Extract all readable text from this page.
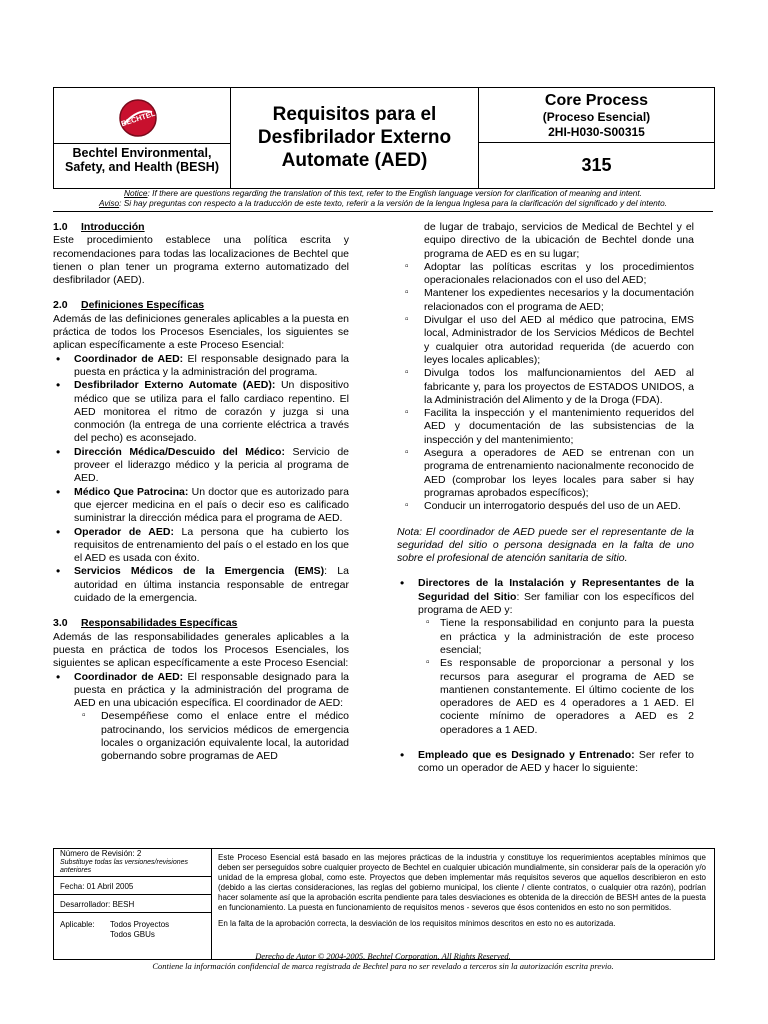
BECHTEL
Bechtel Environmental, Safety, and Health (BESH)
Requisitos para el Desfibrilador Externo Automate (AED)
Core Process
(Proceso Esencial)
2HI-H030-S00315
315
Notice: If there are questions regarding the translation of this text, refer to the English language version for clarification of meaning and intent.
Aviso: Si hay preguntas con respecto a la traducción de este texto, referir a la versión de la lengua Inglesa para la clarificación del significado y del intento.

1.0 Introducción

Este procedimiento establece una política escrita y recomendaciones para todas las localizaciones de Bechtel que tienen o plan tener un programa externo automatizado del desfibrilador (AED).

2.0 Definiciones Específicas

Además de las definiciones generales aplicables a la puesta en práctica de todos los Procesos Esenciales, los siguientes se aplican específicamente a este Proceso Esencial:

• Coordinador de AED: El responsable designado para la puesta en práctica y la administración del programa.
• Desfibrilador Externo Automate (AED): Un dispositivo médico que se utiliza para el fallo cardiaco repentino. El AED monitorea el ritmo de corazón y juzga si una conmoción (la entrega de una corriente eléctrica a través del pecho) es aconsejado.
• Dirección Médica/Descuido del Médico: Servicio de proveer el liderazgo médico y la pericia al programa de AED.
• Médico Que Patrocina: Un doctor que es autorizado para que ejercer medicina en el país o decir eso es calificado suministrar la dirección médica para el programa de AED.
• Operador de AED: La persona que ha cubierto los requisitos de entrenamiento del país o el estado en los que el AED es usada con éxito.
• Servicios Médicos de la Emergencia (EMS): La autoridad en última instancia responsable de entregar cuidado de la emergencia.

3.0 Responsabilidades Específicas

Además de las responsabilidades generales aplicables a la puesta en práctica de todos los Procesos Esenciales, los siguientes se aplican específicamente a este Proceso Esencial:

• Coordinador de AED: El responsable designado para la puesta en práctica y la administración del programa de AED en una ubicación específica. El coordinador de AED:
▫ Desempéñese como el enlace entre el médico patrocinando, los servicios médicos de emergencia locales o organización equivalente local, la autoridad gobernando sobre programas de AED

de lugar de trabajo, servicios de Medical de Bechtel y el equipo directivo de la ubicación de Bechtel donde una programa de AED es en su lugar;

▫ Adoptar las políticas escritas y los procedimientos operacionales relacionados con el uso del AED;
▫ Mantener los expedientes necesarios y la documentación relacionados con el programa de AED;
▫ Divulgar el uso del AED al médico que patrocina, EMS local, Administrador de los Servicios Médicos de Bechtel y cualquier otra autoridad requerida (de acuerdo con leyes locales aplicables);
▫ Divulga todos los malfuncionamientos del AED al fabricante y, para los proyectos de ESTADOS UNIDOS, a la Administración del Alimento y de la Droga (FDA).
▫ Facilita la inspección y el mantenimiento requeridos del AED y documentación de las subsistencias de la inspección y del mantenimiento;
▫ Asegura a operadores de AED se entrenan con un programa de entrenamiento nacionalmente reconocido de AED (comprobar los leyes locales para saber si hay programas aprobados específicos);
▫ Conducir un interrogatorio después del uso de un AED.

Nota: El coordinador de AED puede ser el representante de la seguridad del sitio o persona designada en la falta de uno sobre el profesional de atención sanitaria de sitio.

• Directores de la Instalación y Representantes de la Seguridad del Sitio: Ser familiar con los específicos del programa de AED y:
▫ Tiene la responsabilidad en conjunto para la puesta en práctica y la administración de este proceso esencial;
▫ Es responsable de proporcionar a personal y los recursos para asegurar el programa de AED se mantienen constantemente. El último cociente de los operadores de AED es 4 operadores a 1 AED. El cociente mínimo de operadores a AED es 2 operadores a 1 AED.
• Empleado que es Designado y Entrenado: Ser refer to como un operador de AED y hacer lo siguiente:
Número de Revisión: 2
Substituye todas las versiones/revisiones anteriores
Fecha: 01 Abril 2005
Desarrollador: BESH
Aplicable: Todos Proyectos
Todos GBUs

Este Proceso Esencial está basado en las mejores prácticas de la industria y constituye los requerimientos aceptables mínimos que deben ser perseguidos sobre cualquier proyecto de Bechtel en cualquier ubicación mundialmente, sin considerar país de la operación y/o unidad de la empresa global, como este. Proyectos que deben implementar más requisitos severos que aquellos describieron en esto (debido a las ciertas consideraciones, las reglas del gobierno municipal, los cliente / cliente contratos, o cualquier otra razón), podrían hacer solamente así que la aprobación escrita pendiente para tales desviaciones es obtenida de la dirección de BESH antes de la puesta en funcionamiento. La puesta en funcionamiento de requisitos menos - severos que ésos contenidos en esto no son permitidos.

En la falta de la aprobación correcta, la desviación de los requisitos mínimos descritos en esto no es autorizada.

Derecho de Autor © 2004-2005. Bechtel Corporation. All Rights Reserved.
Contiene la información confidencial de marca registrada de Bechtel para no ser revelado a terceros sin la autorización escrita previo.
